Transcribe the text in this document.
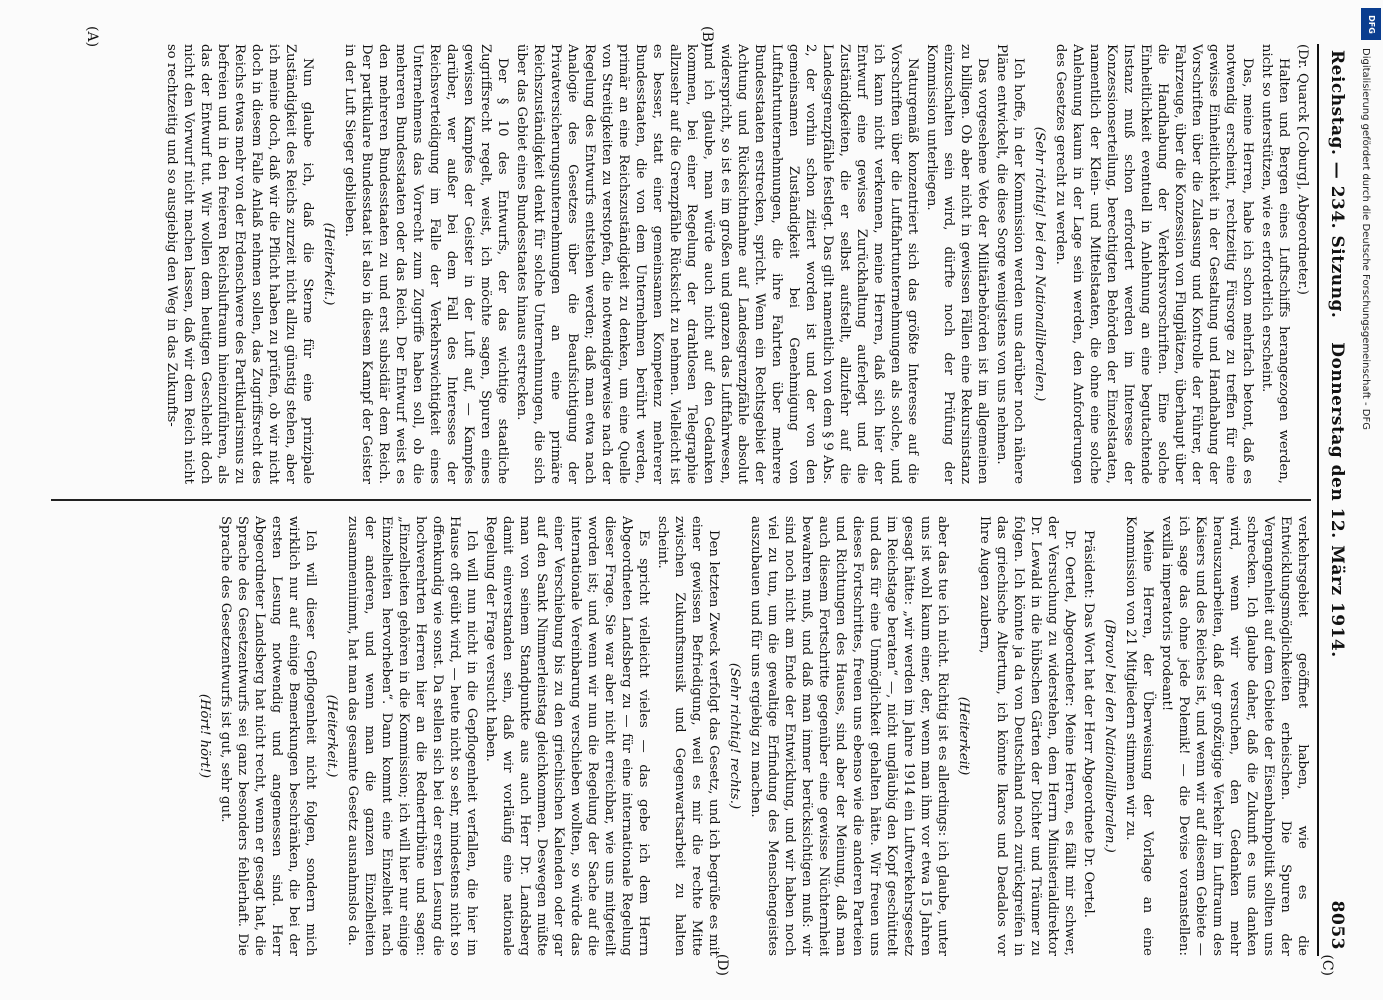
Reichstag. — 234. Sitzung.
Donnerstag den 12. März 1914.
8053

(Dr. Quarck [Coburg], Abgeordneter.)

Halten und Bergen eines Luftschiffs herangezogen werden, nicht so unterstützen, wie es erforderlich erscheint.

Das, meine Herren, habe ich schon mehrfach betont, daß es notwendig erscheint, rechtzeitig Fürsorge zu treffen für eine gewisse Einheitlichkeit in der Gestaltung und Handhabung der Vorschriften über die Zulassung und Kontrolle der Führer, der Fahrzeuge, über die Konzession von Flugplätzen, überhaupt über die Handhabung der Verkehrsvorschriften. Eine solche Einheitlichkeit eventuell in Anlehnung an eine begutachtende Instanz muß schon erfordert werden im Interesse der Konzessionserteilung, berechtigten Behörden der Einzelstaaten, namentlich der Klein- und Mittelstaaten, die ohne eine solche Anlehnung kaum in der Lage sein werden, den Anforderungen des Gesetzes gerecht zu werden.

(Sehr richtig! bei den Nationalliberalen.)

Ich hoffe, in der Kommission werden uns darüber noch nähere Pläne entwickelt, die diese Sorge wenigstens von uns nehmen.

Das vorgesehene Veto der Militärbehörden ist im allgemeinen zu billigen. Ob aber nicht in gewissen Fällen eine Rekursinstanz einzuschalten sein wird, dürfte noch der Prüfung der Kommission unterliegen.

Naturgemäß konzentriert sich das größte Interesse auf die Vorschriften über die Luftfahrtunternehmungen als solche, und ich kann nicht verkennen, meine Herren, daß sich hier der Entwurf eine gewisse Zurückhaltung auferlegt und die Zuständigkeiten, die er selbst aufstellt, allzufehr auf die Landesgrenzpfähle festlegt. Das gilt namentlich von dem § 9 Abs. 2, der vorhin schon zitiert worden ist und der von den gemeinsamen Zuständigkeit bei Genehmigung von Luftfahrtunternehmungen, die ihre Fahrten über mehrere Bundesstaaten erstrecken, spricht. Wenn ein Rechtsgebiet der Achtung und Rücksichtnahme auf Landesgrenzpfähle absolut widerspricht, so ist es im großen und ganzen das Luftfahrwesen, und ich glaube, man würde auch nicht auf den Gedanken kommen, bei einer Regelung der drahtlosen Telegraphie allzusehr auf die Grenzpfähle Rücksicht zu nehmen. Vielleicht ist es besser, statt einer gemeinsamen Kompetenz mehrerer Bundesstaaten, die von dem Unternehmen berührt werden, primär an eine Reichszuständigkeit zu denken, um eine Quelle von Streitigkeiten zu verstopfen, die notwendigerweise nach der Regelung des Entwurfs entstehen werden; daß man etwa nach Analogie des Gesetzes über die Beaufsichtigung der Privatversicherungsunternehmungen an eine primäre Reichszuständigkeit denkt für solche Unternehmungen, die sich über das Gebiet eines Bundesstaates hinaus erstrecken.

Der § 10 des Entwurfs, der das wichtige staatliche Zugriffsrecht regelt, weist, ich möchte sagen, Spuren eines gewissen Kampfes der Geister in der Luft auf, — Kampfes darüber, wer außer bei dem Fall des Interesses der Reichsverteidigung im Falle der Verkehrswichtigkeit eines Unternehmens das Vorrecht zum Zugriffe haben soll, ob die mehreren Bundesstaaten oder das Reich. Der Entwurf weist es den mehreren Bundesstaaten zu und erst subsidiär dem Reich. Der partikulare Bundesstaat ist also in diesem Kampf der Geister in der Luft Sieger geblieben.

(Heiterkeit.)

Nun glaube ich, daß die Sterne für eine prinzipale Zuständigkeit des Reichs zurzeit nicht allzu günstig stehen, aber ich meine doch, daß wir die Pflicht haben zu prüfen, ob wir nicht doch in diesem Falle Anlaß nehmen sollen, das Zugriffsrecht des Reichs etwas mehr von der Erdenschwere des Partikularismus zu befreien und in den freieren Reichsluftraum hineinzuführen, als das der Entwurf tut. Wir wollen dem heutigen Geschlecht doch nicht den Vorwurf nicht machen lassen, daß wir dem Reich nicht so rechtzeitig und so ausgiebig den Weg in das Zukunfts-

verkehrsgebiet geöffnet haben, wie es die Entwicklungsmöglichkeiten erheischen. Die Spuren der Vergangenheit auf dem Gebiete der Eisenbahnpolitik sollten uns schrecken. Ich glaube daher, daß die Zukunft es uns danken wird, wenn wir versuchen, den Gedanken mehr herauszuarbeiten, daß der großzügige Verkehr im Luftraum des Kaisers und des Reiches ist, und wenn wir auf diesem Gebiete — ich sage das ohne jede Polemik! — die Devise voranstellen: vexilla imperatoris prodeant!

Meine Herren, der Überweisung der Vorlage an eine Kommission von 21 Mitgliedern stimmen wir zu.

(Bravo! bei den Nationalliberalen.)

Präsident: Das Wort hat der Herr Abgeordnete Dr. Oertel.

Dr. Oertel, Abgeordneter: Meine Herren, es fällt mir schwer, der Versuchung zu widerstehen, dem Herrn Ministerialdirektor Dr. Lewald in die hübschen Gärten der Dichter und Träumer zu folgen. Ich könnte ja da von Deutschland noch zurückgreifen in das griechische Altertum, ich könnte Ikaros und Daedalos vor Ihre Augen zaubern,

(Heiterkeit)

aber das tue ich nicht. Richtig ist es allerdings: ich glaube, unter uns ist wohl kaum einer, der, wenn man ihm vor etwa 15 Jahren gesagt hätte: „wir werden im Jahre 1914 ein Luftverkehrsgesetz im Reichstage beraten“ —, nicht ungläubig den Kopf geschüttelt und das für eine Unmöglichkeit gehalten hätte. Wir freuen uns dieses Fortschrittes, freuen uns ebenso wie die anderen Parteien und Richtungen des Hauses, sind aber der Meinung, daß man auch diesem Fortschritte gegenüber eine gewisse Nüchternheit bewahren muß, und daß man immer berücksichtigen muß: wir sind noch nicht am Ende der Entwicklung, und wir haben noch viel zu tun, um die gewaltige Erfindung des Menschengeistes auszubauen und für uns ergiebig zu machen.

(Sehr richtig! rechts.)

Den letzten Zweck verfolgt das Gesetz, und ich begrüße es mit einer gewissen Befriedigung, weil es mir die rechte Mitte zwischen Zukunftsmusik und Gegenwartsarbeit zu halten scheint.

Es spricht vielleicht vieles — das gebe ich dem Herrn Abgeordneten Landsberg zu — für eine internationale Regelung dieser Frage. Sie war aber nicht erreichbar, wie uns mitgeteilt worden ist; und wenn wir nun die Regelung der Sache auf die internationale Vereinbarung verschieben wollten, so würde das einer Verschiebung bis zu den griechischen Kalenden oder gar auf den Sankt Nimmerleinstag gleichkommen. Deswegen müßte man von seinem Standpunkte aus auch Herr Dr. Landsberg damit einverstanden sein, daß wir vorläufig eine nationale Regelung der Frage versucht haben.

Ich will nun nicht in die Gepflogenheit verfallen, die hier im Hause oft geübt wird, — heute nicht so sehr, mindestens nicht so offenkundig wie sonst. Da stellen sich bei der ersten Lesung die hochverehrten Herren hier an die Rednertribüne und sagen: „Einzelheiten gehören in die Kommission; ich will hier nur einige Einzelheiten hervorheben“. Dann kommt eine Einzelheit nach der anderen, und wenn man die ganzen Einzelheiten zusammennimmt, hat man das gesamte Gesetz ausnahmslos da.

(Heiterkeit.)

Ich will dieser Gepflogenheit nicht folgen, sondern mich wirklich nur auf einige Bemerkungen beschränken, die bei der ersten Lesung notwendig und angemessen sind. Herr Abgeordneter Landsberg hat nicht recht, wenn er gesagt hat, die Sprache des Gesetzentwurfs sei ganz besonders fehlerhaft. Die Sprache des Gesetzentwurfs ist gut, sehr gut.

(Hört! hört!)

(A)	(B)
(C)
(D)
DFG
Digitalisierung gefördert durch die Deutsche Forschungsgemeinschaft - DFG
